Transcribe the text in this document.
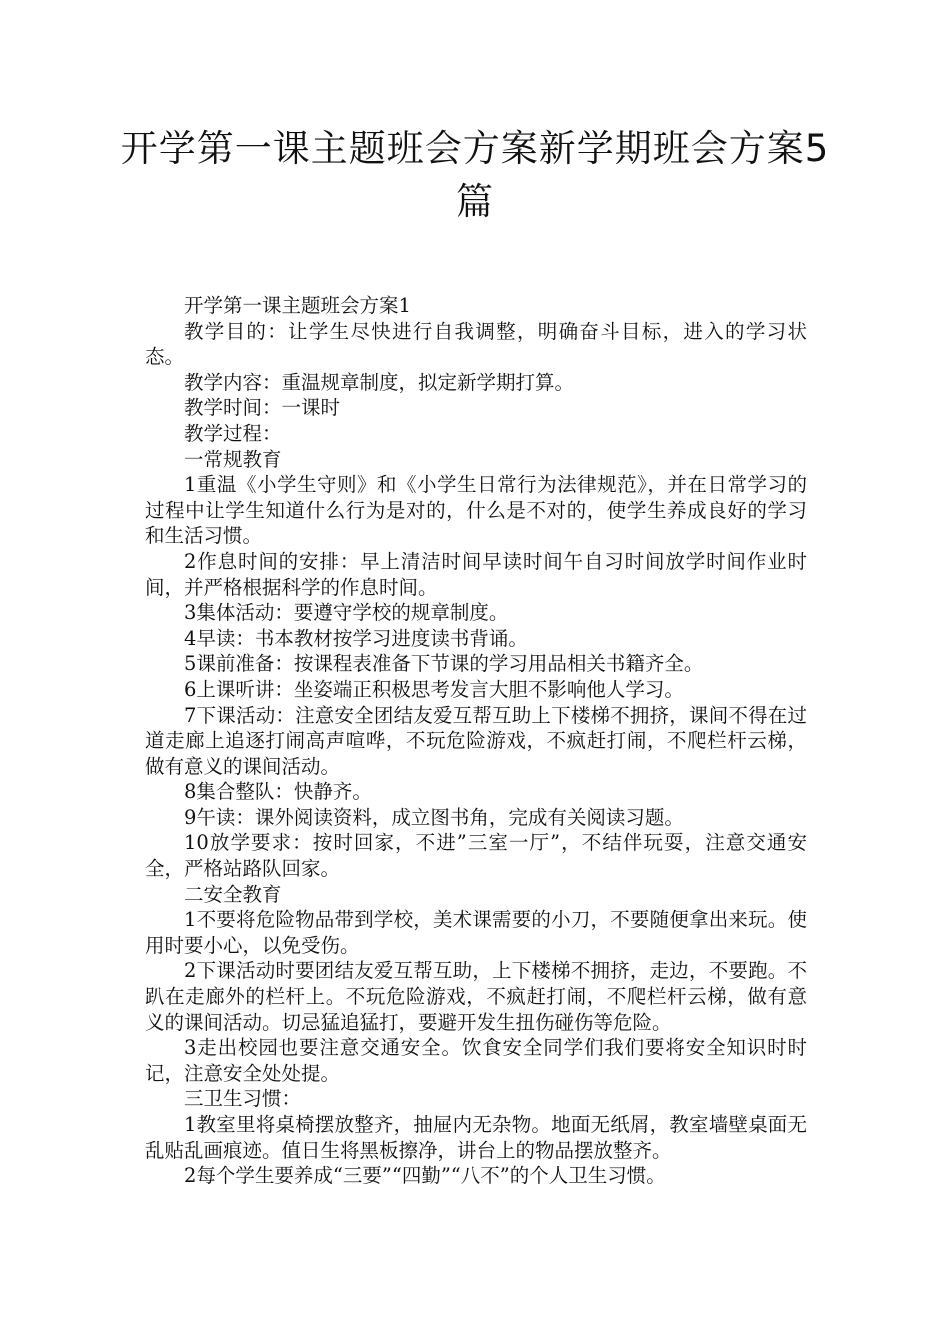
开学第一课主题班会方案新学期班会方案5篇

开学第一课主题班会方案1

教学目的：让学生尽快进行自我调整，明确奋斗目标，进入的学习状态。

教学内容：重温规章制度，拟定新学期打算。

教学时间：一课时

教学过程：

一常规教育

1重温《小学生守则》和《小学生日常行为法律规范》，并在日常学习的过程中让学生知道什么行为是对的，什么是不对的，使学生养成良好的学习和生活习惯。

2作息时间的安排：早上清洁时间早读时间午自习时间放学时间作业时间，并严格根据科学的作息时间。

3集体活动：要遵守学校的规章制度。

4早读：书本教材按学习进度读书背诵。

5课前准备：按课程表准备下节课的学习用品相关书籍齐全。

6上课听讲：坐姿端正积极思考发言大胆不影响他人学习。

7下课活动：注意安全团结友爱互帮互助上下楼梯不拥挤，课间不得在过道走廊上追逐打闹高声喧哗，不玩危险游戏，不疯赶打闹，不爬栏杆云梯，做有意义的课间活动。

8集合整队：快静齐。

9午读：课外阅读资料，成立图书角，完成有关阅读习题。

10放学要求：按时回家，不进”三室一厅”，不结伴玩耍，注意交通安全，严格站路队回家。

二安全教育

1不要将危险物品带到学校，美术课需要的小刀，不要随便拿出来玩。使用时要小心，以免受伤。

2下课活动时要团结友爱互帮互助，上下楼梯不拥挤，走边，不要跑。不趴在走廊外的栏杆上。不玩危险游戏，不疯赶打闹，不爬栏杆云梯，做有意义的课间活动。切忌猛追猛打，要避开发生扭伤碰伤等危险。

3走出校园也要注意交通安全。饮食安全同学们我们要将安全知识时时记，注意安全处处提。

三卫生习惯：

1教室里将桌椅摆放整齐，抽屉内无杂物。地面无纸屑，教室墙壁桌面无乱贴乱画痕迹。值日生将黑板擦净，讲台上的物品摆放整齐。

2每个学生要养成“三要”“四勤”“八不”的个人卫生习惯。
